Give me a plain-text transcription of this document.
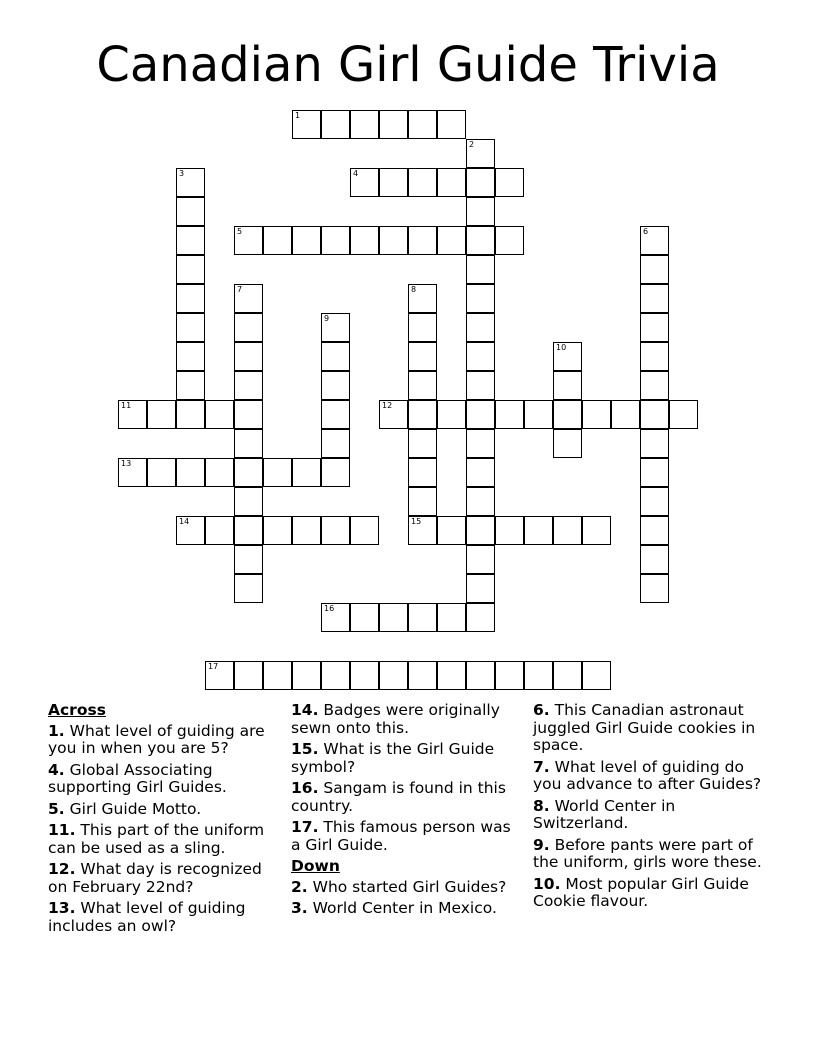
Canadian Girl Guide Trivia
1
2
3	4
5	6
7	8
15
9
10
11	12
13
14
16
17
Across
1. What level of guiding are you in when you are 5?
4. Global Associating supporting Girl Guides.
5. Girl Guide Motto.
11. This part of the uniform can be used as a sling.
12. What day is recognized on February 22nd?
13. What level of guiding includes an owl?
14. Badges were originally sewn onto this.
15. What is the Girl Guide symbol?
16. Sangam is found in this country.
17. This famous person was a Girl Guide.
Down
2. Who started Girl Guides?
3. World Center in Mexico.
6. This Canadian astronaut juggled Girl Guide cookies in space.
7. What level of guiding do you advance to after Guides?
8. World Center in Switzerland.
9. Before pants were part of the uniform, girls wore these.
10. Most popular Girl Guide Cookie flavour.
